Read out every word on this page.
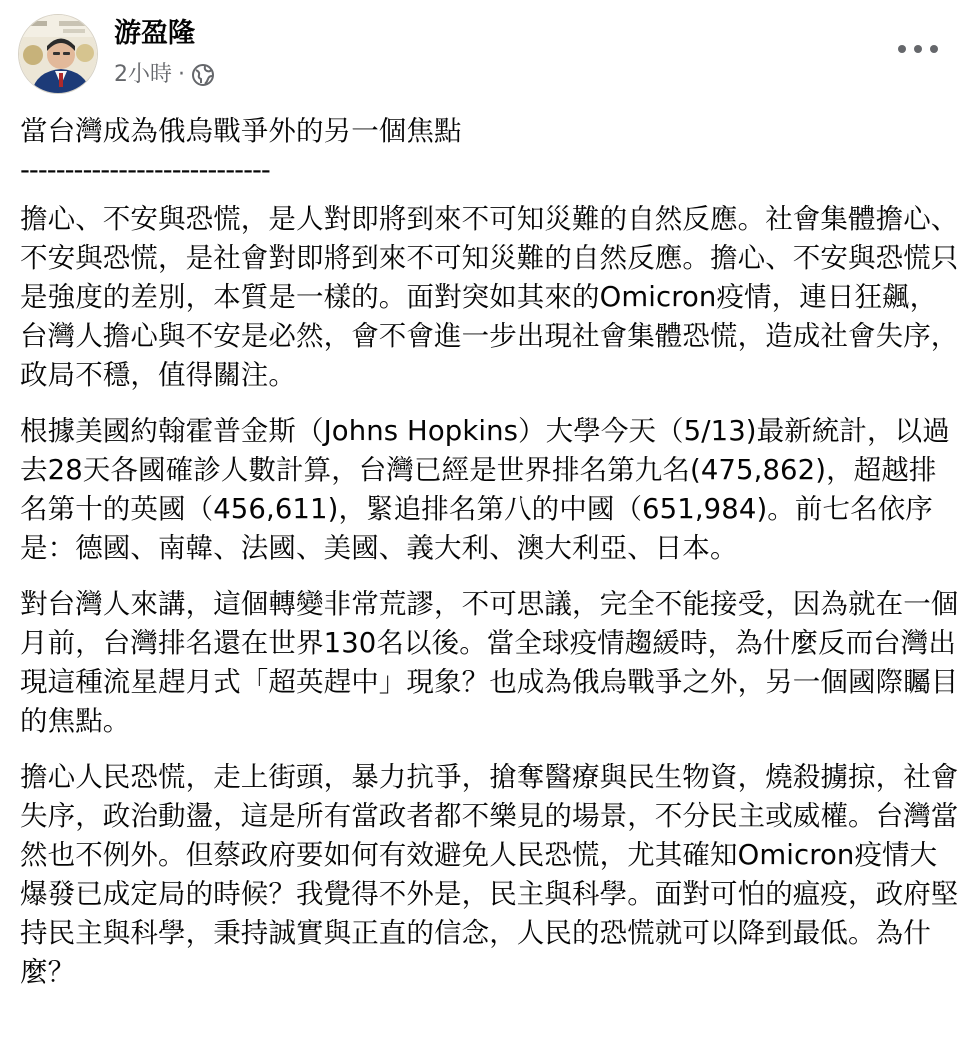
游盈隆
2小時 ·

當台灣成為俄烏戰爭外的另一個焦點

----------------------------

擔心、不安與恐慌，是人對即將到來不可知災難的自然反應。社會集體擔心、不安與恐慌，是社會對即將到來不可知災難的自然反應。擔心、不安與恐慌只是強度的差別，本質是一樣的。面對突如其來的Omicron疫情，連日狂飆，台灣人擔心與不安是必然，會不會進一步出現社會集體恐慌，造成社會失序，政局不穩，值得關注。

根據美國約翰霍普金斯（Johns Hopkins）大學今天（5/13)最新統計，以過去28天各國確診人數計算，台灣已經是世界排名第九名(475,862)，超越排名第十的英國（456,611)，緊追排名第八的中國（651,984)。前七名依序是：德國、南韓、法國、美國、義大利、澳大利亞、日本。

對台灣人來講，這個轉變非常荒謬，不可思議，完全不能接受，因為就在一個月前，台灣排名還在世界130名以後。當全球疫情趨緩時，為什麼反而台灣出現這種流星趕月式「超英趕中」現象？也成為俄烏戰爭之外，另一個國際矚目的焦點。

擔心人民恐慌，走上街頭，暴力抗爭，搶奪醫療與民生物資，燒殺擄掠，社會失序，政治動盪，這是所有當政者都不樂見的場景，不分民主或威權。台灣當然也不例外。但蔡政府要如何有效避免人民恐慌，尤其確知Omicron疫情大爆發已成定局的時候？我覺得不外是，民主與科學。面對可怕的瘟疫，政府堅持民主與科學，秉持誠實與正直的信念，人民的恐慌就可以降到最低。為什麼？
